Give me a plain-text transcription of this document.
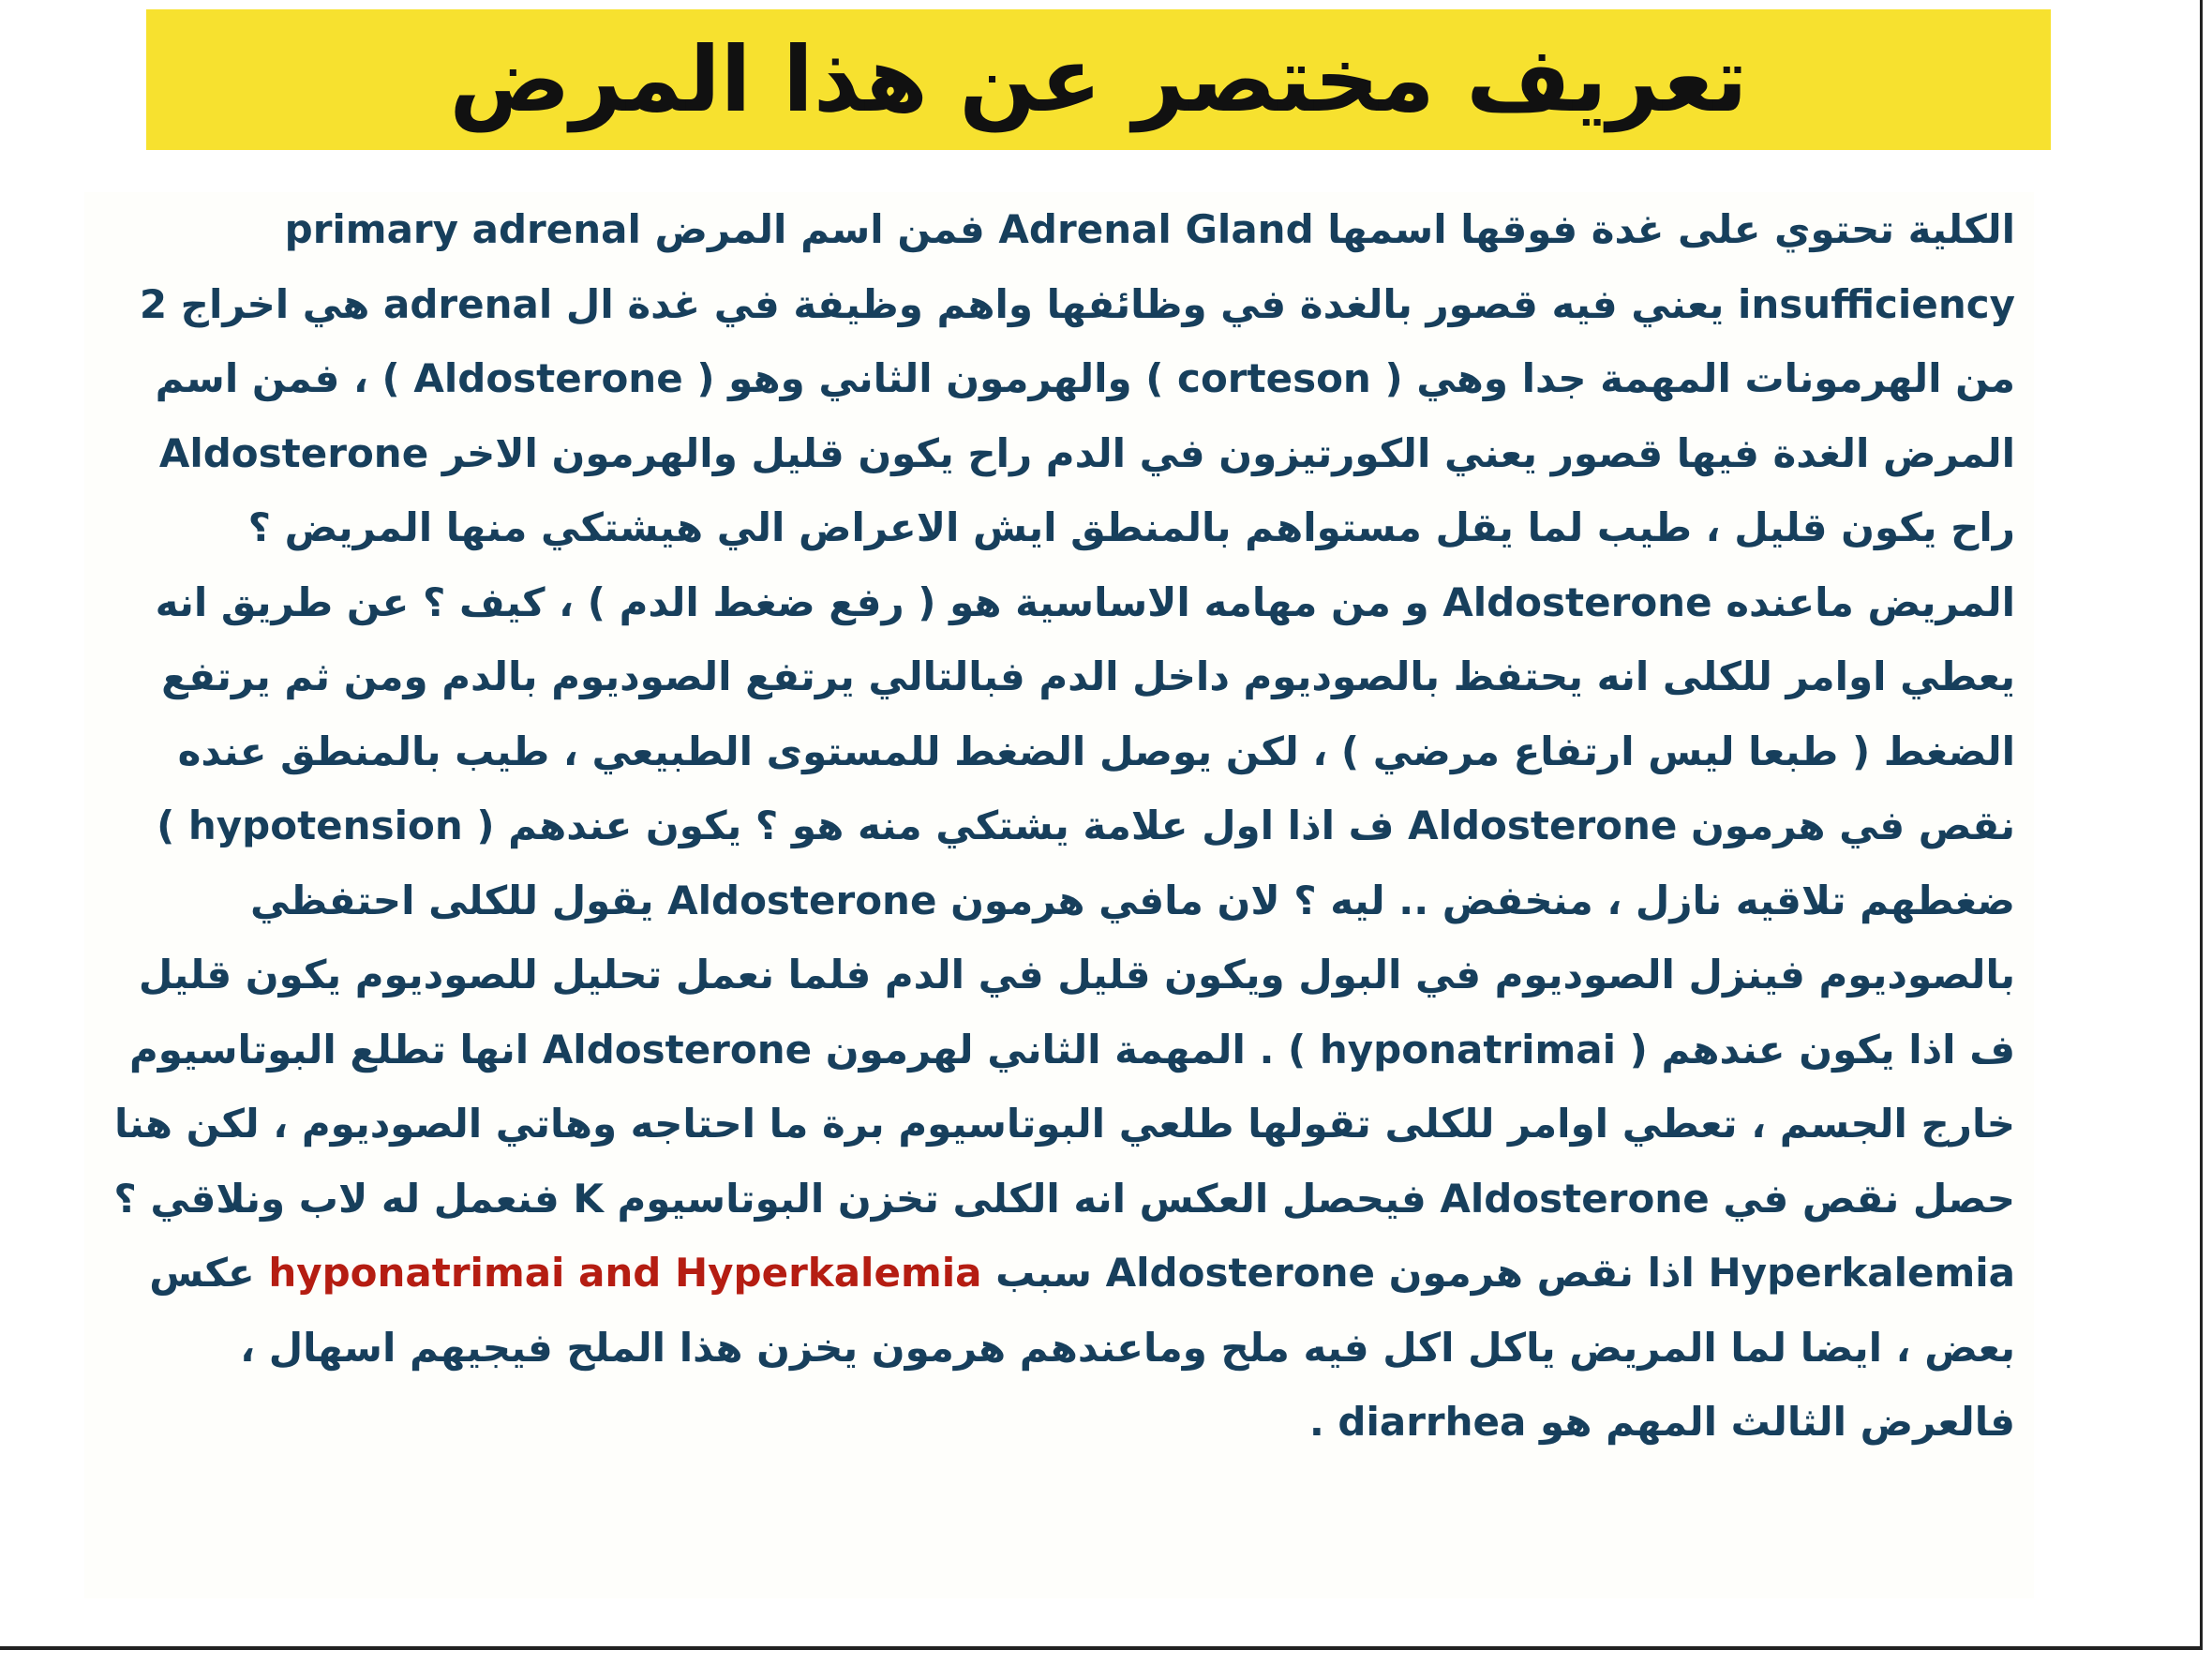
تعريف مختصر عن هذا المرض

الكلية تحتوي على غدة فوقها اسمها Adrenal Gland فمن اسم المرض primary adrenal insufficiency يعني فيه قصور بالغدة في وظائفها واهم وظيفة في غدة ال adrenal هي اخراج 2 من الهرمونات المهمة جدا وهي ( corteson ) والهرمون الثاني وهو ( Aldosterone ) ، فمن اسم المرض الغدة فيها قصور يعني الكورتيزون في الدم راح يكون قليل والهرمون الاخر Aldosterone راح يكون قليل ، طيب لما يقل مستواهم بالمنطق ايش الاعراض الي هيشتكي منها المريض ؟

المريض ماعنده Aldosterone و من مهامه الاساسية هو ( رفع ضغط الدم ) ، كيف ؟ عن طريق انه يعطي اوامر للكلى انه يحتفظ بالصوديوم داخل الدم فبالتالي يرتفع الصوديوم بالدم ومن ثم يرتفع الضغط ( طبعا ليس ارتفاع مرضي ) ، لكن يوصل الضغط للمستوى الطبيعي ، طيب بالمنطق عنده نقص في هرمون Aldosterone ف اذا اول علامة يشتكي منه هو ؟ يكون عندهم ( hypotension ) ضغطهم تلاقيه نازل ، منخفض .. ليه ؟ لان مافي هرمون Aldosterone يقول للكلى احتفظي بالصوديوم فينزل الصوديوم في البول ويكون قليل في الدم فلما نعمل تحليل للصوديوم يكون قليل ف اذا يكون عندهم ( hyponatrimai ) . المهمة الثاني لهرمون Aldosterone انها تطلع البوتاسيوم خارج الجسم ، تعطي اوامر للكلى تقولها طلعي البوتاسيوم برة ما احتاجه وهاتي الصوديوم ، لكن هنا حصل نقص في Aldosterone فيحصل العكس انه الكلى تخزن البوتاسيوم K فنعمل له لاب ونلاقي ؟ Hyperkalemia اذا نقص هرمون Aldosterone سبب hyponatrimai and Hyperkalemia عكس بعض ، ايضا لما المريض ياكل اكل فيه ملح وماعندهم هرمون يخزن هذا الملح فيجيهم اسهال ، فالعرض الثالث المهم هو diarrhea .
